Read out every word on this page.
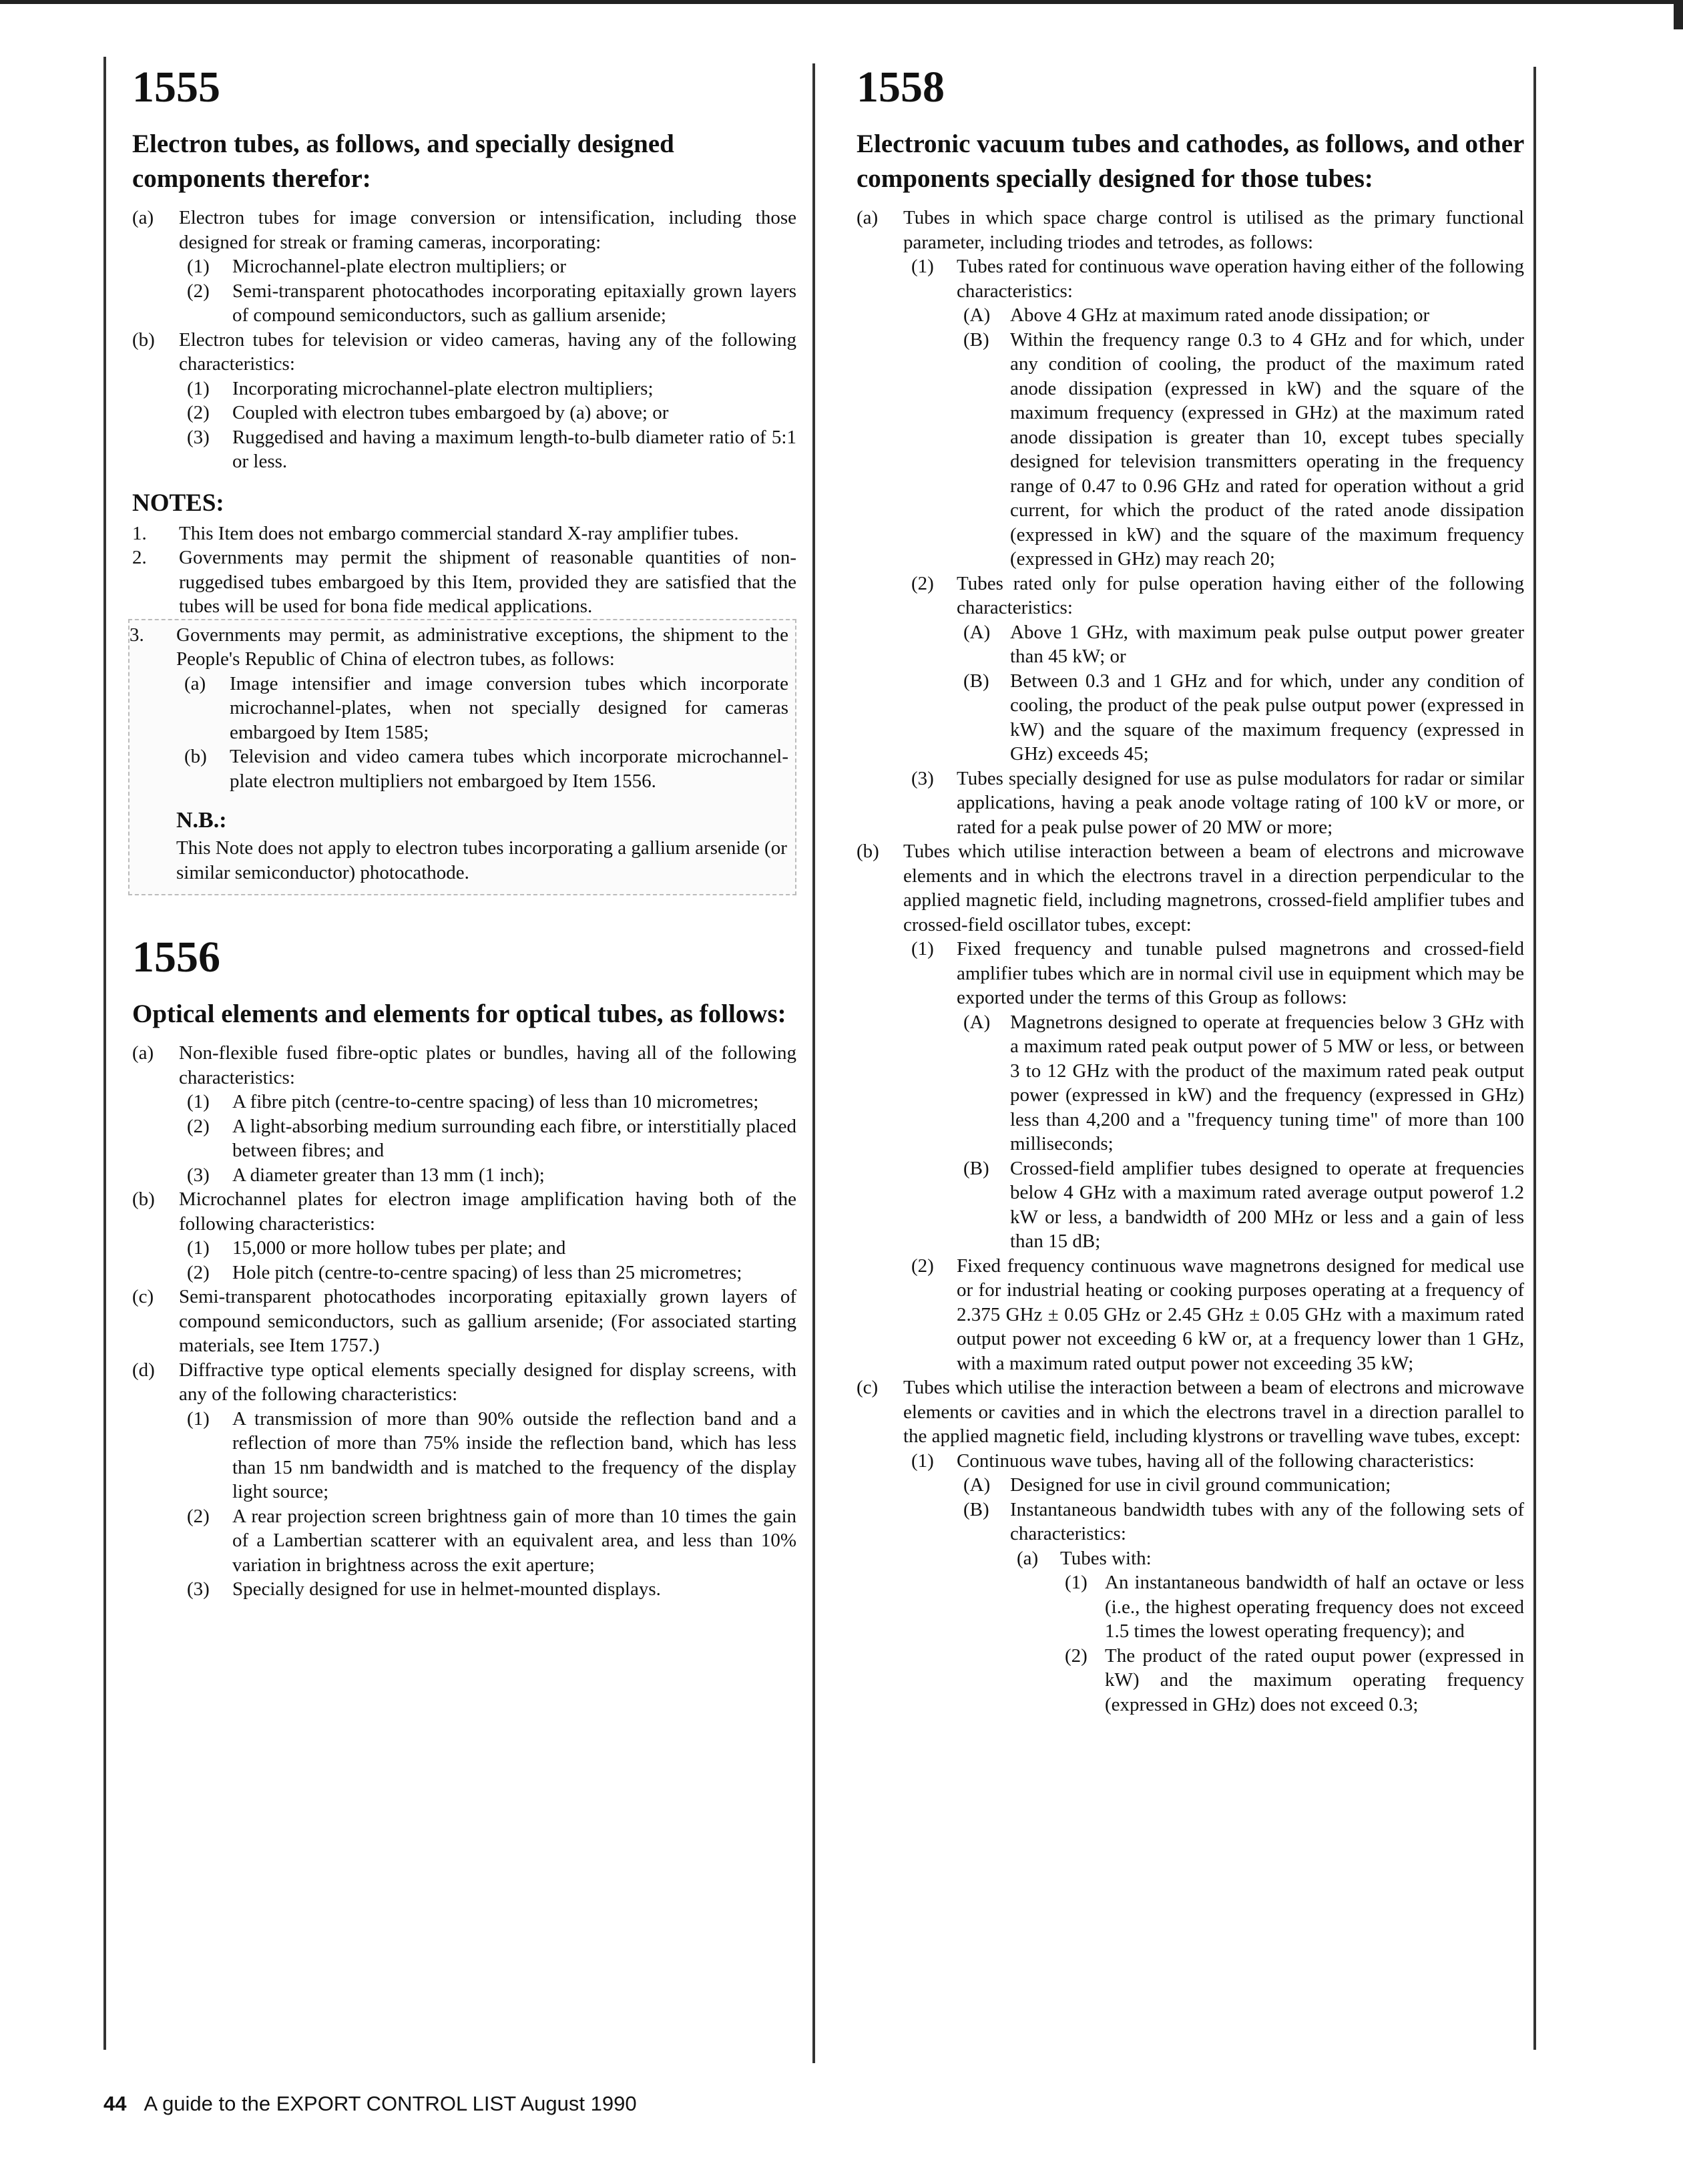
1555
Electron tubes, as follows, and specially designed components therefor:
(a) Electron tubes for image conversion or intensification, including those designed for streak or framing cameras, incorporating:
(1) Microchannel-plate electron multipliers; or
(2) Semi-transparent photocathodes incorporating epitaxially grown layers of compound semiconductors, such as gallium arsenide;
(b) Electron tubes for television or video cameras, having any of the following characteristics:
(1) Incorporating microchannel-plate electron multipliers;
(2) Coupled with electron tubes embargoed by (a) above; or
(3) Ruggedised and having a maximum length-to-bulb diameter ratio of 5:1 or less.
NOTES:
1. This Item does not embargo commercial standard X-ray amplifier tubes.
2. Governments may permit the shipment of reasonable quantities of non-ruggedised tubes embargoed by this Item, provided they are satisfied that the tubes will be used for bona fide medical applications.
3. Governments may permit, as administrative exceptions, the shipment to the People's Republic of China of electron tubes, as follows:
(a) Image intensifier and image conversion tubes which incorporate microchannel-plates, when not specially designed for cameras embargoed by Item 1585;
(b) Television and video camera tubes which incorporate microchannel-plate electron multipliers not embargoed by Item 1556.
N.B.:
This Note does not apply to electron tubes incorporating a gallium arsenide (or similar semiconductor) photocathode.
1556
Optical elements and elements for optical tubes, as follows:
(a) Non-flexible fused fibre-optic plates or bundles, having all of the following characteristics:
(1) A fibre pitch (centre-to-centre spacing) of less than 10 micrometres;
(2) A light-absorbing medium surrounding each fibre, or interstitially placed between fibres; and
(3) A diameter greater than 13 mm (1 inch);
(b) Microchannel plates for electron image amplification having both of the following characteristics:
(1) 15,000 or more hollow tubes per plate; and
(2) Hole pitch (centre-to-centre spacing) of less than 25 micrometres;
(c) Semi-transparent photocathodes incorporating epitaxially grown layers of compound semiconductors, such as gallium arsenide; (For associated starting materials, see Item 1757.)
(d) Diffractive type optical elements specially designed for display screens, with any of the following characteristics:
(1) A transmission of more than 90% outside the reflection band and a reflection of more than 75% inside the reflection band, which has less than 15 nm bandwidth and is matched to the frequency of the display light source;
(2) A rear projection screen brightness gain of more than 10 times the gain of a Lambertian scatterer with an equivalent area, and less than 10% variation in brightness across the exit aperture;
(3) Specially designed for use in helmet-mounted displays.
1558
Electronic vacuum tubes and cathodes, as follows, and other components specially designed for those tubes:
(a) Tubes in which space charge control is utilised as the primary functional parameter, including triodes and tetrodes, as follows:
(1) Tubes rated for continuous wave operation having either of the following characteristics:
(A) Above 4 GHz at maximum rated anode dissipation; or
(B) Within the frequency range 0.3 to 4 GHz and for which, under any condition of cooling, the product of the maximum rated anode dissipation (expressed in kW) and the square of the maximum frequency (expressed in GHz) at the maximum rated anode dissipation is greater than 10, except tubes specially designed for television transmitters operating in the frequency range of 0.47 to 0.96 GHz and rated for operation without a grid current, for which the product of the rated anode dissipation (expressed in kW) and the square of the maximum frequency (expressed in GHz) may reach 20;
(2) Tubes rated only for pulse operation having either of the following characteristics:
(A) Above 1 GHz, with maximum peak pulse output power greater than 45 kW; or
(B) Between 0.3 and 1 GHz and for which, under any condition of cooling, the product of the peak pulse output power (expressed in kW) and the square of the maximum frequency (expressed in GHz) exceeds 45;
(3) Tubes specially designed for use as pulse modulators for radar or similar applications, having a peak anode voltage rating of 100 kV or more, or rated for a peak pulse power of 20 MW or more;
(b) Tubes which utilise interaction between a beam of electrons and microwave elements and in which the electrons travel in a direction perpendicular to the applied magnetic field, including magnetrons, crossed-field amplifier tubes and crossed-field oscillator tubes, except:
(1) Fixed frequency and tunable pulsed magnetrons and crossed-field amplifier tubes which are in normal civil use in equipment which may be exported under the terms of this Group as follows:
(A) Magnetrons designed to operate at frequencies below 3 GHz with a maximum rated peak output power of 5 MW or less, or between 3 to 12 GHz with the product of the maximum rated peak output power (expressed in kW) and the frequency (expressed in GHz) less than 4,200 and a "frequency tuning time" of more than 100 milliseconds;
(B) Crossed-field amplifier tubes designed to operate at frequencies below 4 GHz with a maximum rated average output powerof 1.2 kW or less, a bandwidth of 200 MHz or less and a gain of less than 15 dB;
(2) Fixed frequency continuous wave magnetrons designed for medical use or for industrial heating or cooking purposes operating at a frequency of 2.375 GHz ± 0.05 GHz or 2.45 GHz ± 0.05 GHz with a maximum rated output power not exceeding 6 kW or, at a frequency lower than 1 GHz, with a maximum rated output power not exceeding 35 kW;
(c) Tubes which utilise the interaction between a beam of electrons and microwave elements or cavities and in which the electrons travel in a direction parallel to the applied magnetic field, including klystrons or travelling wave tubes, except:
(1) Continuous wave tubes, having all of the following characteristics:
(A) Designed for use in civil ground communication;
(B) Instantaneous bandwidth tubes with any of the following sets of characteristics:
(a) Tubes with:
(1) An instantaneous bandwidth of half an octave or less (i.e., the highest operating frequency does not exceed 1.5 times the lowest operating frequency); and
(2) The product of the rated ouput power (expressed in kW) and the maximum operating frequency (expressed in GHz) does not exceed 0.3;
44 A guide to the EXPORT CONTROL LIST August 1990
